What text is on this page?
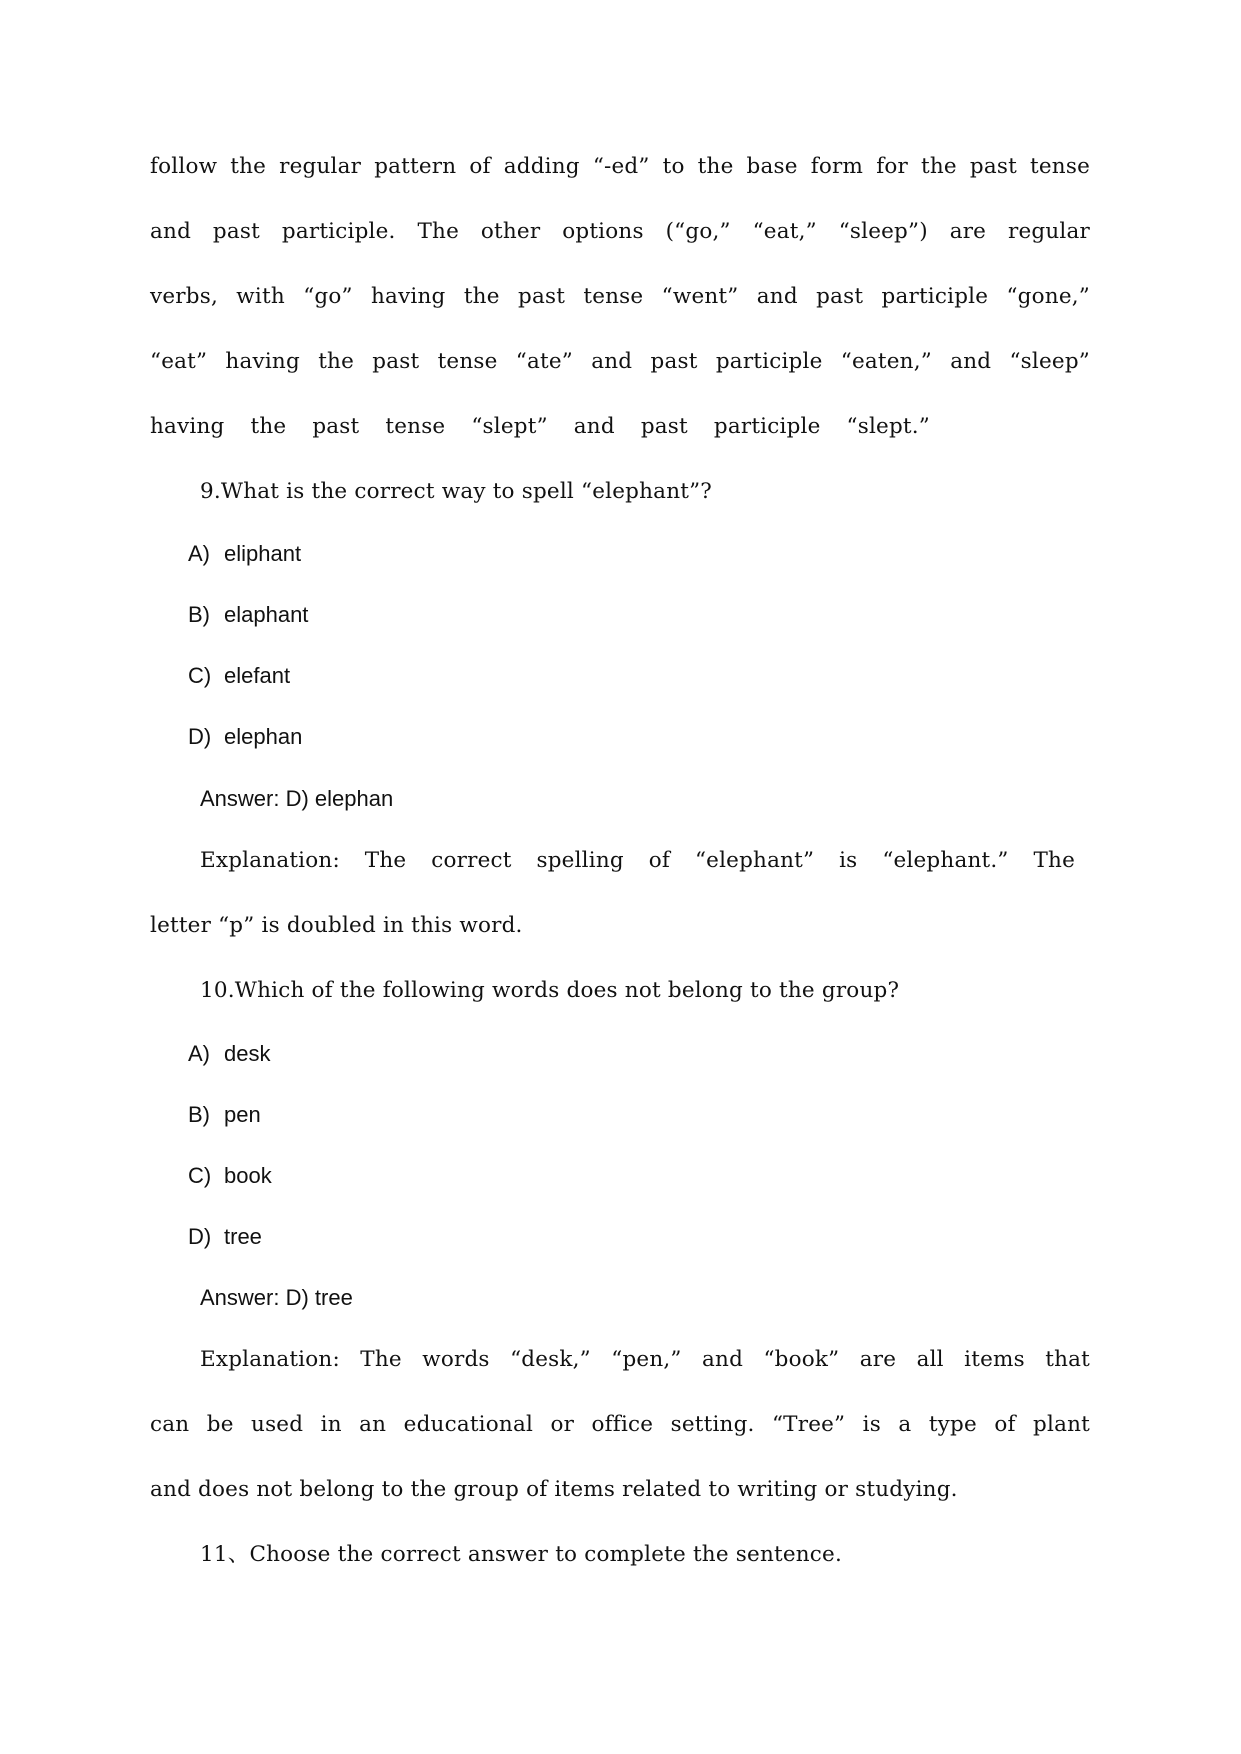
follow the regular pattern of adding “-ed” to the base form for the past tense
and past participle. The other options (“go,” “eat,” “sleep”) are regular
verbs, with “go” having the past tense “went” and past participle “gone,”
“eat” having the past tense “ate” and past participle “eaten,” and “sleep”
having the past tense “slept” and past participle “slept.”
9.What is the correct way to spell “elephant”?
A) eliphant
B) elaphant
C) elefant
D) elephan
Answer: D) elephan
Explanation: The correct spelling of “elephant” is “elephant.” The
letter “p” is doubled in this word.
10.Which of the following words does not belong to the group?
A) desk
B) pen
C) book
D) tree
Answer: D) tree
Explanation: The words “desk,” “pen,” and “book” are all items that
can be used in an educational or office setting. “Tree” is a type of plant
and does not belong to the group of items related to writing or studying.
11、Choose the correct answer to complete the sentence.
